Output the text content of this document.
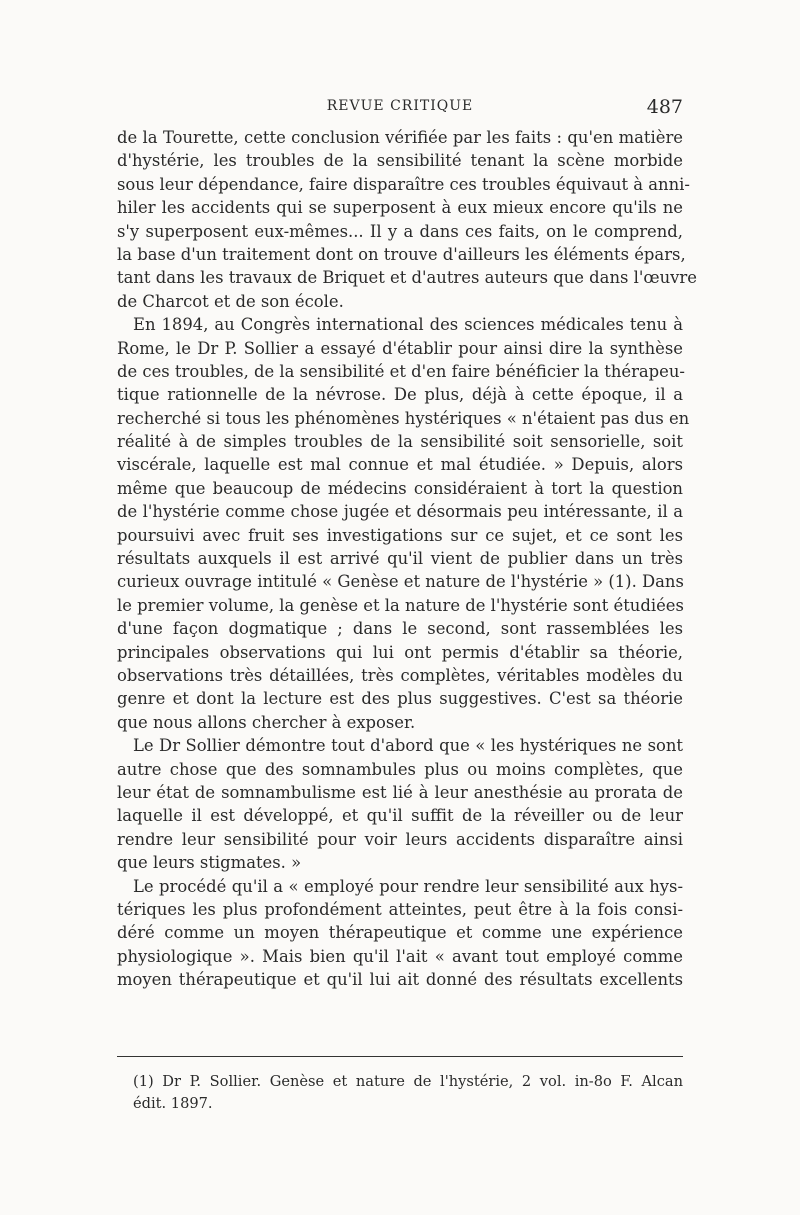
REVUE CRITIQUE	487
de la Tourette, cette conclusion vérifiée par les faits : qu'en matière
d'hystérie, les troubles de la sensibilité tenant la scène morbide
sous leur dépendance, faire disparaître ces troubles équivaut à anni-
hiler les accidents qui se superposent à eux mieux encore qu'ils ne
s'y superposent eux-mêmes... Il y a dans ces faits, on le comprend,
la base d'un traitement dont on trouve d'ailleurs les éléments épars,
tant dans les travaux de Briquet et d'autres auteurs que dans l'œuvre
de Charcot et de son école.
En 1894, au Congrès international des sciences médicales tenu à
Rome, le Dr P. Sollier a essayé d'établir pour ainsi dire la synthèse
de ces troubles, de la sensibilité et d'en faire bénéficier la thérapeu-
tique rationnelle de la névrose. De plus, déjà à cette époque, il a
recherché si tous les phénomènes hystériques « n'étaient pas dus en
réalité à de simples troubles de la sensibilité soit sensorielle, soit
viscérale, laquelle est mal connue et mal étudiée. » Depuis, alors
même que beaucoup de médecins considéraient à tort la question
de l'hystérie comme chose jugée et désormais peu intéressante, il a
poursuivi avec fruit ses investigations sur ce sujet, et ce sont les
résultats auxquels il est arrivé qu'il vient de publier dans un très
curieux ouvrage intitulé « Genèse et nature de l'hystérie » (1). Dans
le premier volume, la genèse et la nature de l'hystérie sont étudiées
d'une façon dogmatique ; dans le second, sont rassemblées les
principales observations qui lui ont permis d'établir sa théorie,
observations très détaillées, très complètes, véritables modèles du
genre et dont la lecture est des plus suggestives. C'est sa théorie
que nous allons chercher à exposer.
Le Dr Sollier démontre tout d'abord que « les hystériques ne sont
autre chose que des somnambules plus ou moins complètes, que
leur état de somnambulisme est lié à leur anesthésie au prorata de
laquelle il est développé, et qu'il suffit de la réveiller ou de leur
rendre leur sensibilité pour voir leurs accidents disparaître ainsi
que leurs stigmates. »
Le procédé qu'il a « employé pour rendre leur sensibilité aux hys-
tériques les plus profondément atteintes, peut être à la fois consi-
déré comme un moyen thérapeutique et comme une expérience
physiologique ». Mais bien qu'il l'ait « avant tout employé comme
moyen thérapeutique et qu'il lui ait donné des résultats excellents
(1) Dr P. Sollier. Genèse et nature de l'hystérie, 2 vol. in-8o F. Alcan
édit. 1897.
